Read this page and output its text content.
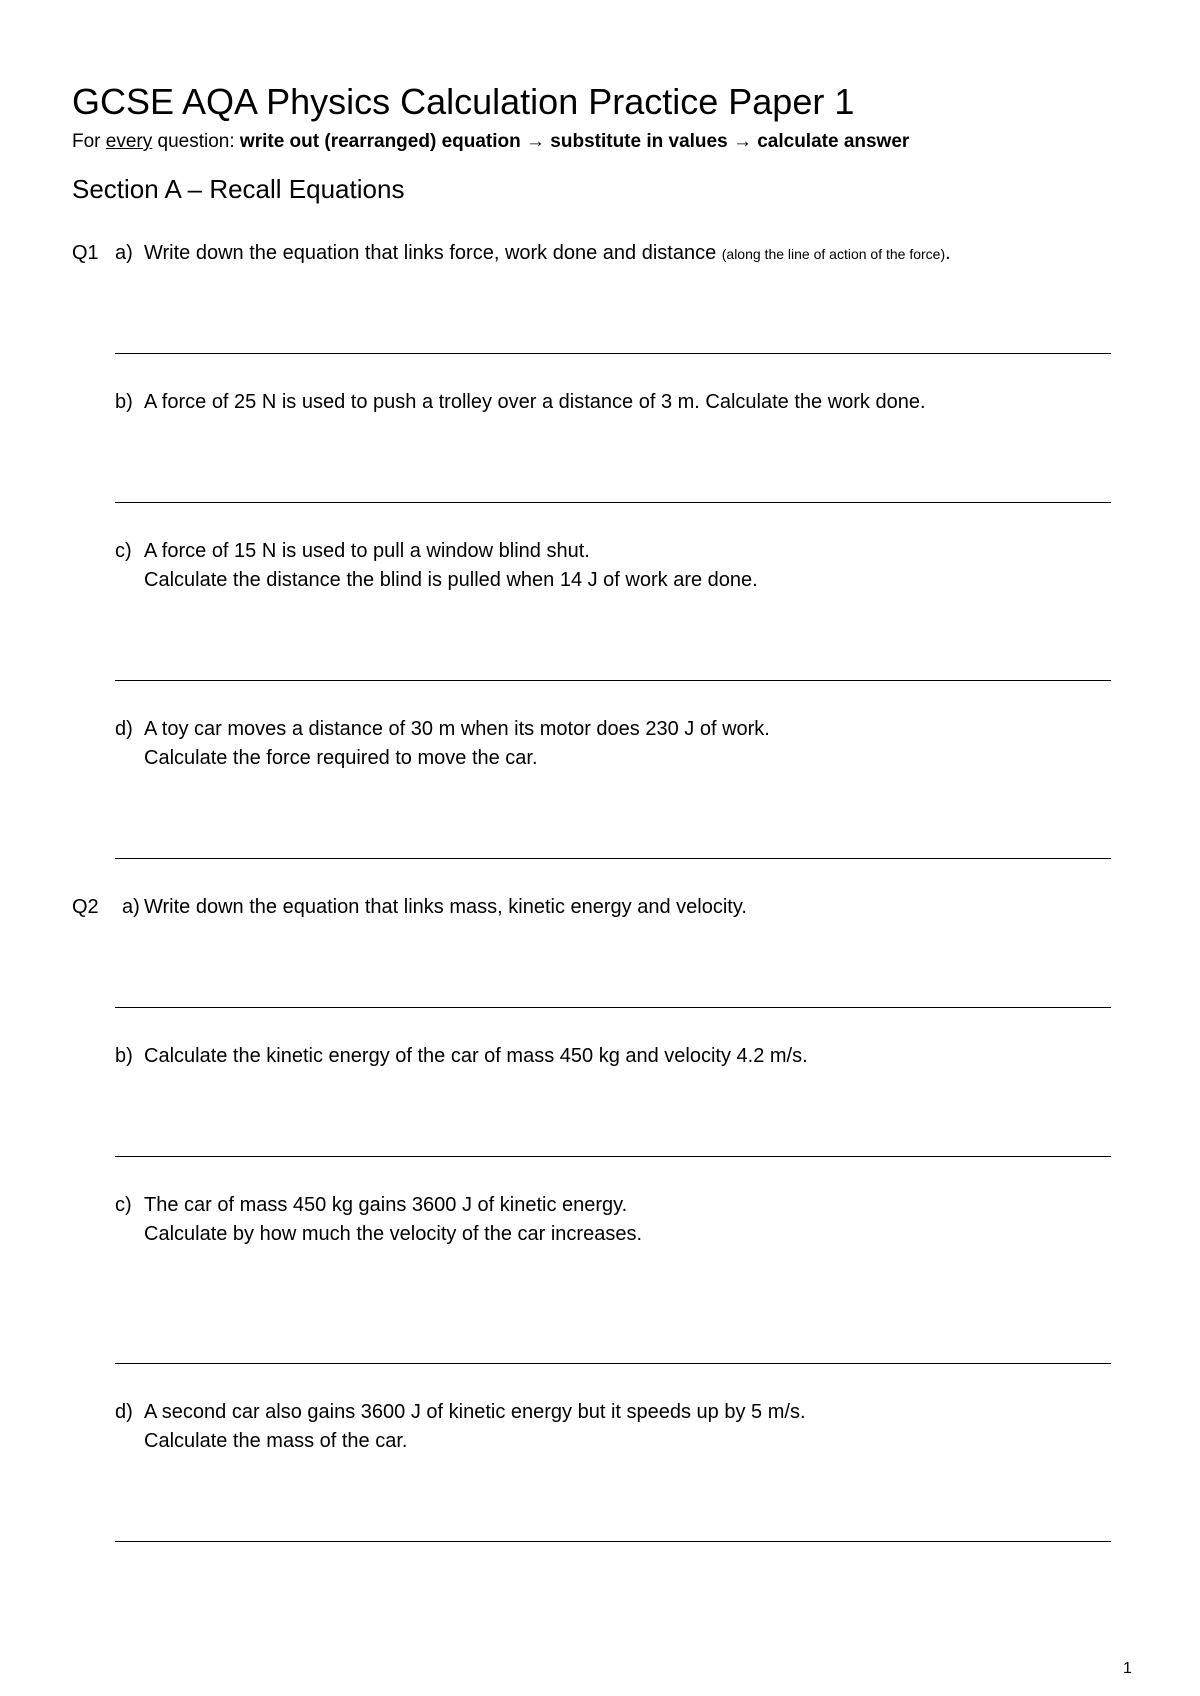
GCSE AQA Physics Calculation Practice Paper 1
For every question: write out (rearranged) equation → substitute in values → calculate answer
Section A – Recall Equations
Q1 a) Write down the equation that links force, work done and distance (along the line of action of the force).
b) A force of 25 N is used to push a trolley over a distance of 3 m. Calculate the work done.
c) A force of 15 N is used to pull a window blind shut.
Calculate the distance the blind is pulled when 14 J of work are done.
d) A toy car moves a distance of 30 m when its motor does 230 J of work.
Calculate the force required to move the car.
Q2 a) Write down the equation that links mass, kinetic energy and velocity.
b) Calculate the kinetic energy of the car of mass 450 kg and velocity 4.2 m/s.
c) The car of mass 450 kg gains 3600 J of kinetic energy.
Calculate by how much the velocity of the car increases.
d) A second car also gains 3600 J of kinetic energy but it speeds up by 5 m/s.
Calculate the mass of the car.
1
